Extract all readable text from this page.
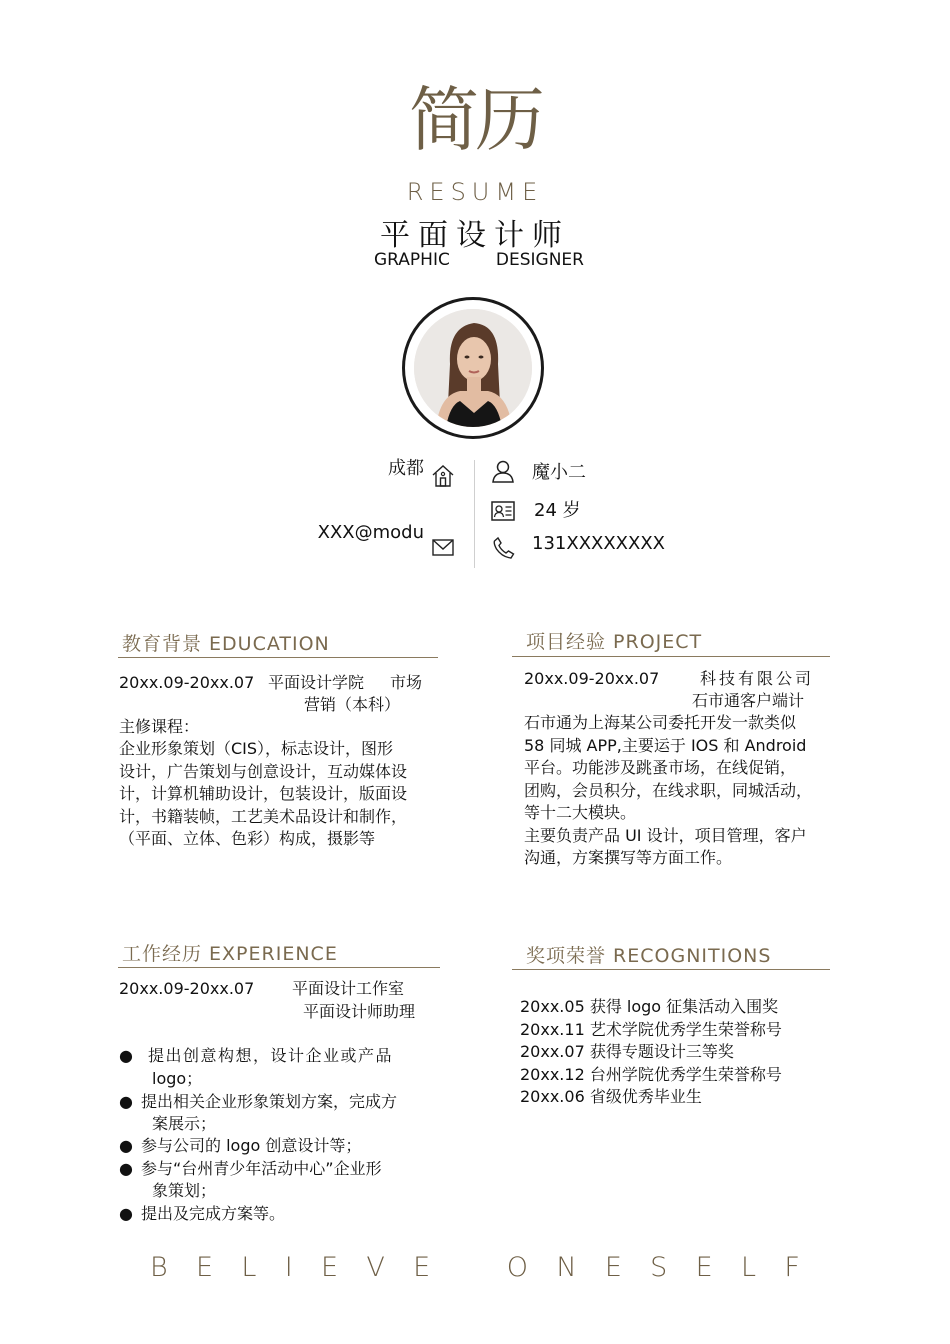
简历
RESUME
平面设计师
GRAPHIC	DESIGNER
成都
XXX@modu
魔小二
24 岁
131XXXXXXXX
教育背景 EDUCATION
20xx.09-20xx.07 平面设计学院 市场
营销（本科）
主修课程：
企业形象策划（CIS），标志设计，图形
设计，广告策划与创意设计，互动媒体设
计，计算机辅助设计，包装设计，版面设
计，书籍装帧，工艺美术品设计和制作，
（平面、立体、色彩）构成，摄影等
项目经验 PROJECT
20xx.09-20xx.07	科技有限公司
石市通客户端计
石市通为上海某公司委托开发一款类似
58 同城 APP,主要运于 IOS 和 Android
平台。功能涉及跳蚤市场，在线促销，
团购，会员积分，在线求职，同城活动，
等十二大模块。
主要负责产品 UI 设计，项目管理，客户
沟通，方案撰写等方面工作。
工作经历 EXPERIENCE
20xx.09-20xx.07 平面设计工作室
平面设计师助理
● 提出创意构想，设计企业或产品
logo；
● 提出相关企业形象策划方案，完成方
案展示；
● 参与公司的 logo 创意设计等；
● 参与“台州青少年活动中心”企业形
象策划；
● 提出及完成方案等。
奖项荣誉 RECOGNITIONS
20xx.05 获得 logo 征集活动入围奖
20xx.11 艺术学院优秀学生荣誉称号
20xx.07 获得专题设计三等奖
20xx.12 台州学院优秀学生荣誉称号
20xx.06 省级优秀毕业生
B E L I E V E	O N E S E L F
